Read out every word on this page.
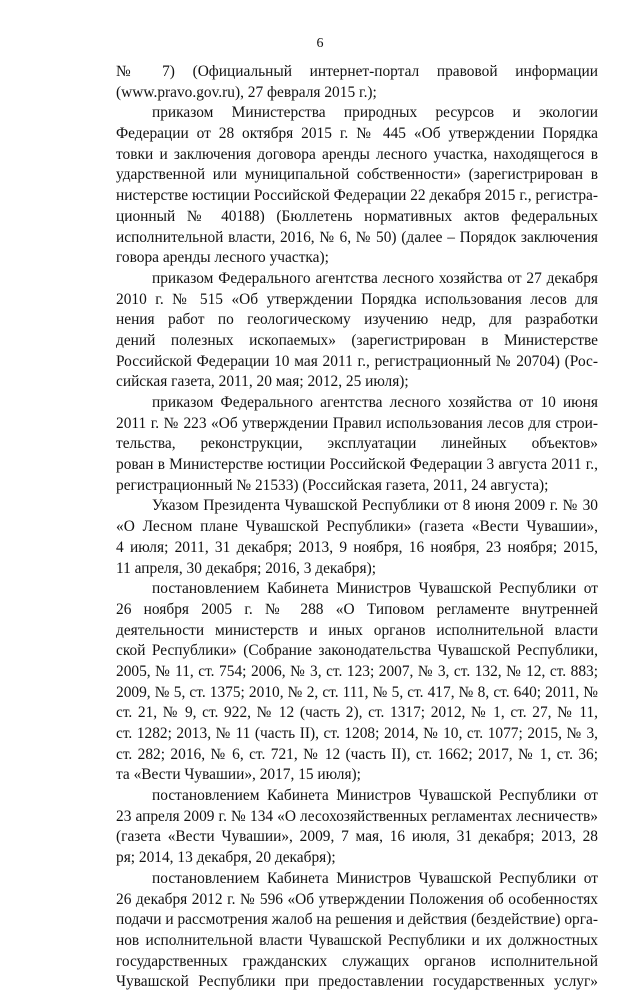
6
№ 7) (Официальный интернет-портал правовой информации
(www.pravo.gov.ru), 27 февраля 2015 г.);
приказом Министерства природных ресурсов и экологии
Федерации от 28 октября 2015 г. № 445 «Об утверждении Порядка
товки и заключения договора аренды лесного участка, находящегося в
ударственной или муниципальной собственности» (зарегистрирован в
нистерстве юстиции Российской Федерации 22 декабря 2015 г., регистра-
ционный № 40188) (Бюллетень нормативных актов федеральных
исполнительной власти, 2016, № 6, № 50) (далее – Порядок заключения
говора аренды лесного участка);
приказом Федерального агентства лесного хозяйства от 27 декабря
2010 г. № 515 «Об утверждении Порядка использования лесов для
нения работ по геологическому изучению недр, для разработки
дений полезных ископаемых» (зарегистрирован в Министерстве
Российской Федерации 10 мая 2011 г., регистрационный № 20704) (Рос-
сийская газета, 2011, 20 мая; 2012, 25 июля);
приказом Федерального агентства лесного хозяйства от 10 июня
2011 г. № 223 «Об утверждении Правил использования лесов для строи-
тельства, реконструкции, эксплуатации линейных объектов»
рован в Министерстве юстиции Российской Федерации 3 августа 2011 г.,
регистрационный № 21533) (Российская газета, 2011, 24 августа);
Указом Президента Чувашской Республики от 8 июня 2009 г. № 30
«О Лесном плане Чувашской Республики» (газета «Вести Чувашии»,
4 июля; 2011, 31 декабря; 2013, 9 ноября, 16 ноября, 23 ноября; 2015,
11 апреля, 30 декабря; 2016, 3 декабря);
постановлением Кабинета Министров Чувашской Республики от
26 ноября 2005 г. № 288 «О Типовом регламенте внутренней
деятельности министерств и иных органов исполнительной власти
ской Республики» (Собрание законодательства Чувашской Республики,
2005, № 11, ст. 754; 2006, № 3, ст. 123; 2007, № 3, ст. 132, № 12, ст. 883;
2009, № 5, ст. 1375; 2010, № 2, ст. 111, № 5, ст. 417, № 8, ст. 640; 2011, №
ст. 21, № 9, ст. 922, № 12 (часть 2), ст. 1317; 2012, № 1, ст. 27, № 11,
ст. 1282; 2013, № 11 (часть II), ст. 1208; 2014, № 10, ст. 1077; 2015, № 3,
ст. 282; 2016, № 6, ст. 721, № 12 (часть II), ст. 1662; 2017, № 1, ст. 36;
та «Вести Чувашии», 2017, 15 июля);
постановлением Кабинета Министров Чувашской Республики от
23 апреля 2009 г. № 134 «О лесохозяйственных регламентах лесничеств»
(газета «Вести Чувашии», 2009, 7 мая, 16 июля, 31 декабря; 2013, 28
ря; 2014, 13 декабря, 20 декабря);
постановлением Кабинета Министров Чувашской Республики от
26 декабря 2012 г. № 596 «Об утверждении Положения об особенностях
подачи и рассмотрения жалоб на решения и действия (бездействие) орга-
нов исполнительной власти Чувашской Республики и их должностных
государственных гражданских служащих органов исполнительной
Чувашской Республики при предоставлении государственных услуг»
